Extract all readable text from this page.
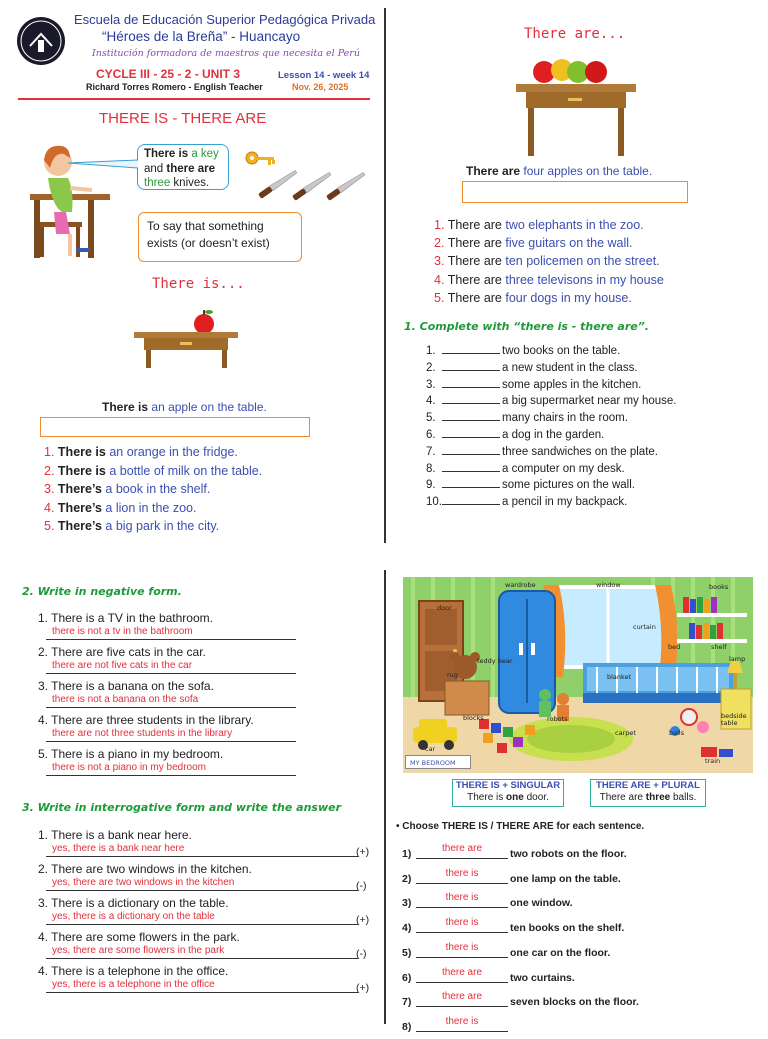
Escuela de Educación Superior Pedagógica Privada
“Héroes de la Breña” - Huancayo
Institución formadora de maestros que necesita el Perú
CYCLE III - 25 - 2 - UNIT 3	Lesson 14 - week 14
Richard Torres Romero - English Teacher	Nov. 26, 2025
THERE IS - THERE ARE
There is a key
and there are
three knives.
To say that something exists (or doesn’t exist)
There is...
There is an apple on the table.
1. There is an orange in the fridge.
2. There is a bottle of milk on the table.
3. There’s a book in the shelf.
4. There’s a lion in the zoo.
5. There’s a big park in the city.
There are...
There are four apples on the table.
1. There are two elephants in the zoo.
2. There are five guitars on the wall.
3. There are ten policemen on the street.
4. There are three televisons in my house
5. There are four dogs in my house.
1. Complete with “there is - there are”.
1.	two books on the table.
2.	a new student in the class.
3.	some apples in the kitchen.
4.	a big supermarket near my house.
5.	many chairs in the room.
6.	a dog in the garden.
7.	three sandwiches on the plate.
8.	a computer on my desk.
9.	some pictures on the wall.
10.	a pencil in my backpack.
2. Write in negative form.
1. There is a TV in the bathroom.
there is not a tv in the bathroom
2. There are five cats in the car.
there are not five cats in the car
3. There is a banana on the sofa.
there is not a banana on the sofa
4. There are three students in the library.
there are not three students in the library
5. There is a piano in my bedroom.
there is not a piano in my bedroom
3. Write in interrogative form and write the answer
1. There is a bank near here.
yes, there is a bank near here	(+)
2. There are two windows in the kitchen.
yes, there are two windows in the kitchen	(-)
3. There is a dictionary on the table.
yes, there is a dictionary on the table	(+)
4. There are some flowers in the park.
yes, there are some flowers in the park	(-)
4. There is a telephone in the office.
yes, there is a telephone in the office	(+)
wardrobe	window	books
door
curtain
bed	shelf
lamp
teddy bear
blanket
rug
robots
blocks	bedside table
car
carpet	balls
train
MY BEDROOM
THERE IS + SINGULAR
There is one door.
THERE ARE + PLURAL
There are three balls.
• Choose THERE IS / THERE ARE for each sentence.
1)	there are	two robots on the floor.
2)	there is	one lamp on the table.
3)	there is	one window.
4)	there is	ten books on the shelf.
5)	there is	one car on the floor.
6)	there are	two curtains.
7)	there are	seven blocks on the floor.
8)	there is
